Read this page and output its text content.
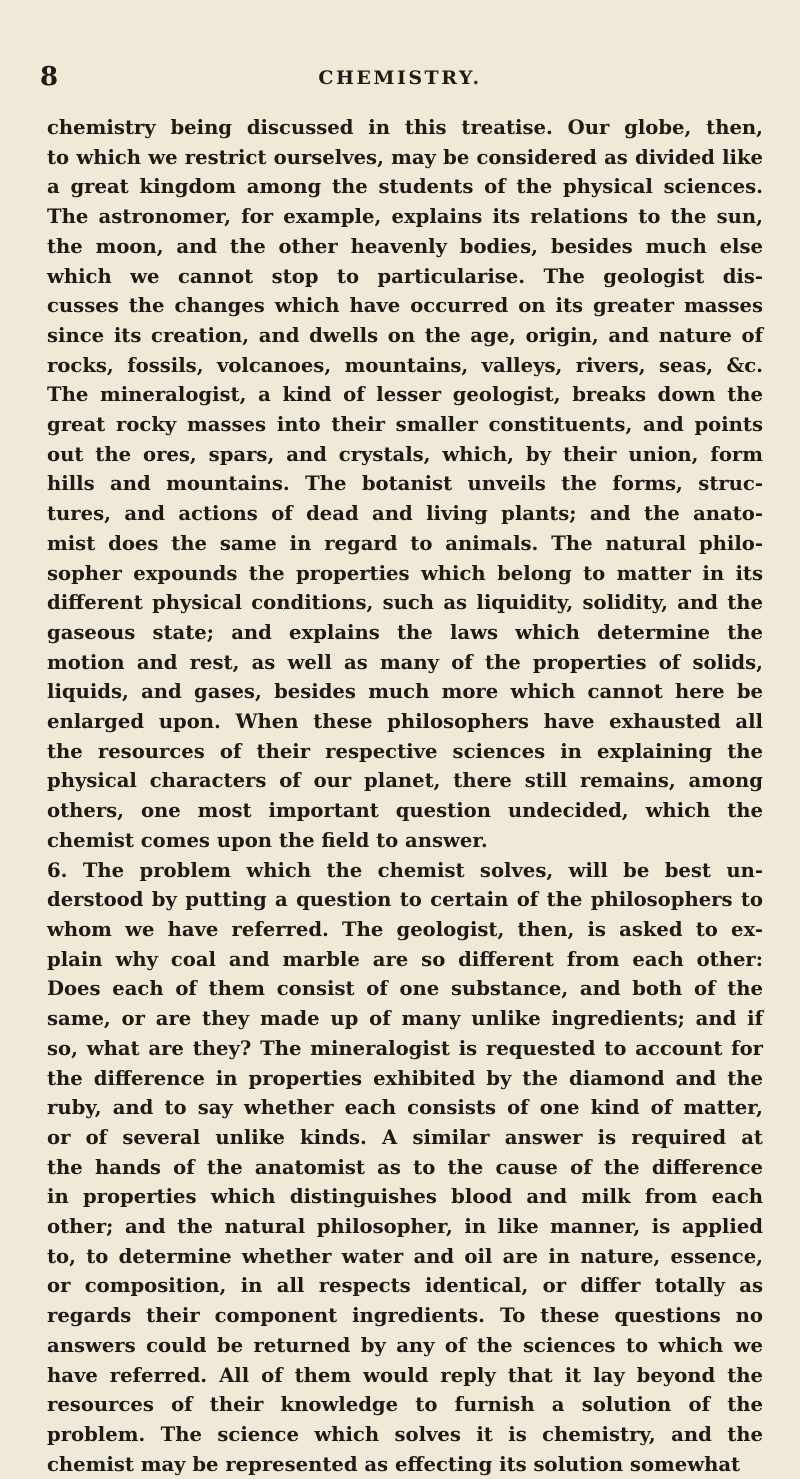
8	CHEMISTRY.
chemistry being discussed in this treatise. Our globe, then,
to which we restrict ourselves, may be considered as divided like
a great kingdom among the students of the physical sciences.
The astronomer, for example, explains its relations to the sun,
the moon, and the other heavenly bodies, besides much else
which we cannot stop to particularise. The geologist dis-
cusses the changes which have occurred on its greater masses
since its creation, and dwells on the age, origin, and nature of
rocks, fossils, volcanoes, mountains, valleys, rivers, seas, &c.
The mineralogist, a kind of lesser geologist, breaks down the
great rocky masses into their smaller constituents, and points
out the ores, spars, and crystals, which, by their union, form
hills and mountains. The botanist unveils the forms, struc-
tures, and actions of dead and living plants; and the anato-
mist does the same in regard to animals. The natural philo-
sopher expounds the properties which belong to matter in its
different physical conditions, such as liquidity, solidity, and the
gaseous state; and explains the laws which determine the
motion and rest, as well as many of the properties of solids,
liquids, and gases, besides much more which cannot here be
enlarged upon. When these philosophers have exhausted all
the resources of their respective sciences in explaining the
physical characters of our planet, there still remains, among
others, one most important question undecided, which the
chemist comes upon the field to answer.
6. The problem which the chemist solves, will be best un-
derstood by putting a question to certain of the philosophers to
whom we have referred. The geologist, then, is asked to ex-
plain why coal and marble are so different from each other:
Does each of them consist of one substance, and both of the
same, or are they made up of many unlike ingredients; and if
so, what are they? The mineralogist is requested to account for
the difference in properties exhibited by the diamond and the
ruby, and to say whether each consists of one kind of matter,
or of several unlike kinds. A similar answer is required at
the hands of the anatomist as to the cause of the difference
in properties which distinguishes blood and milk from each
other; and the natural philosopher, in like manner, is applied
to, to determine whether water and oil are in nature, essence,
or composition, in all respects identical, or differ totally as
regards their component ingredients. To these questions no
answers could be returned by any of the sciences to which we
have referred. All of them would reply that it lay beyond the
resources of their knowledge to furnish a solution of the
problem. The science which solves it is chemistry, and the
chemist may be represented as effecting its solution somewhat
